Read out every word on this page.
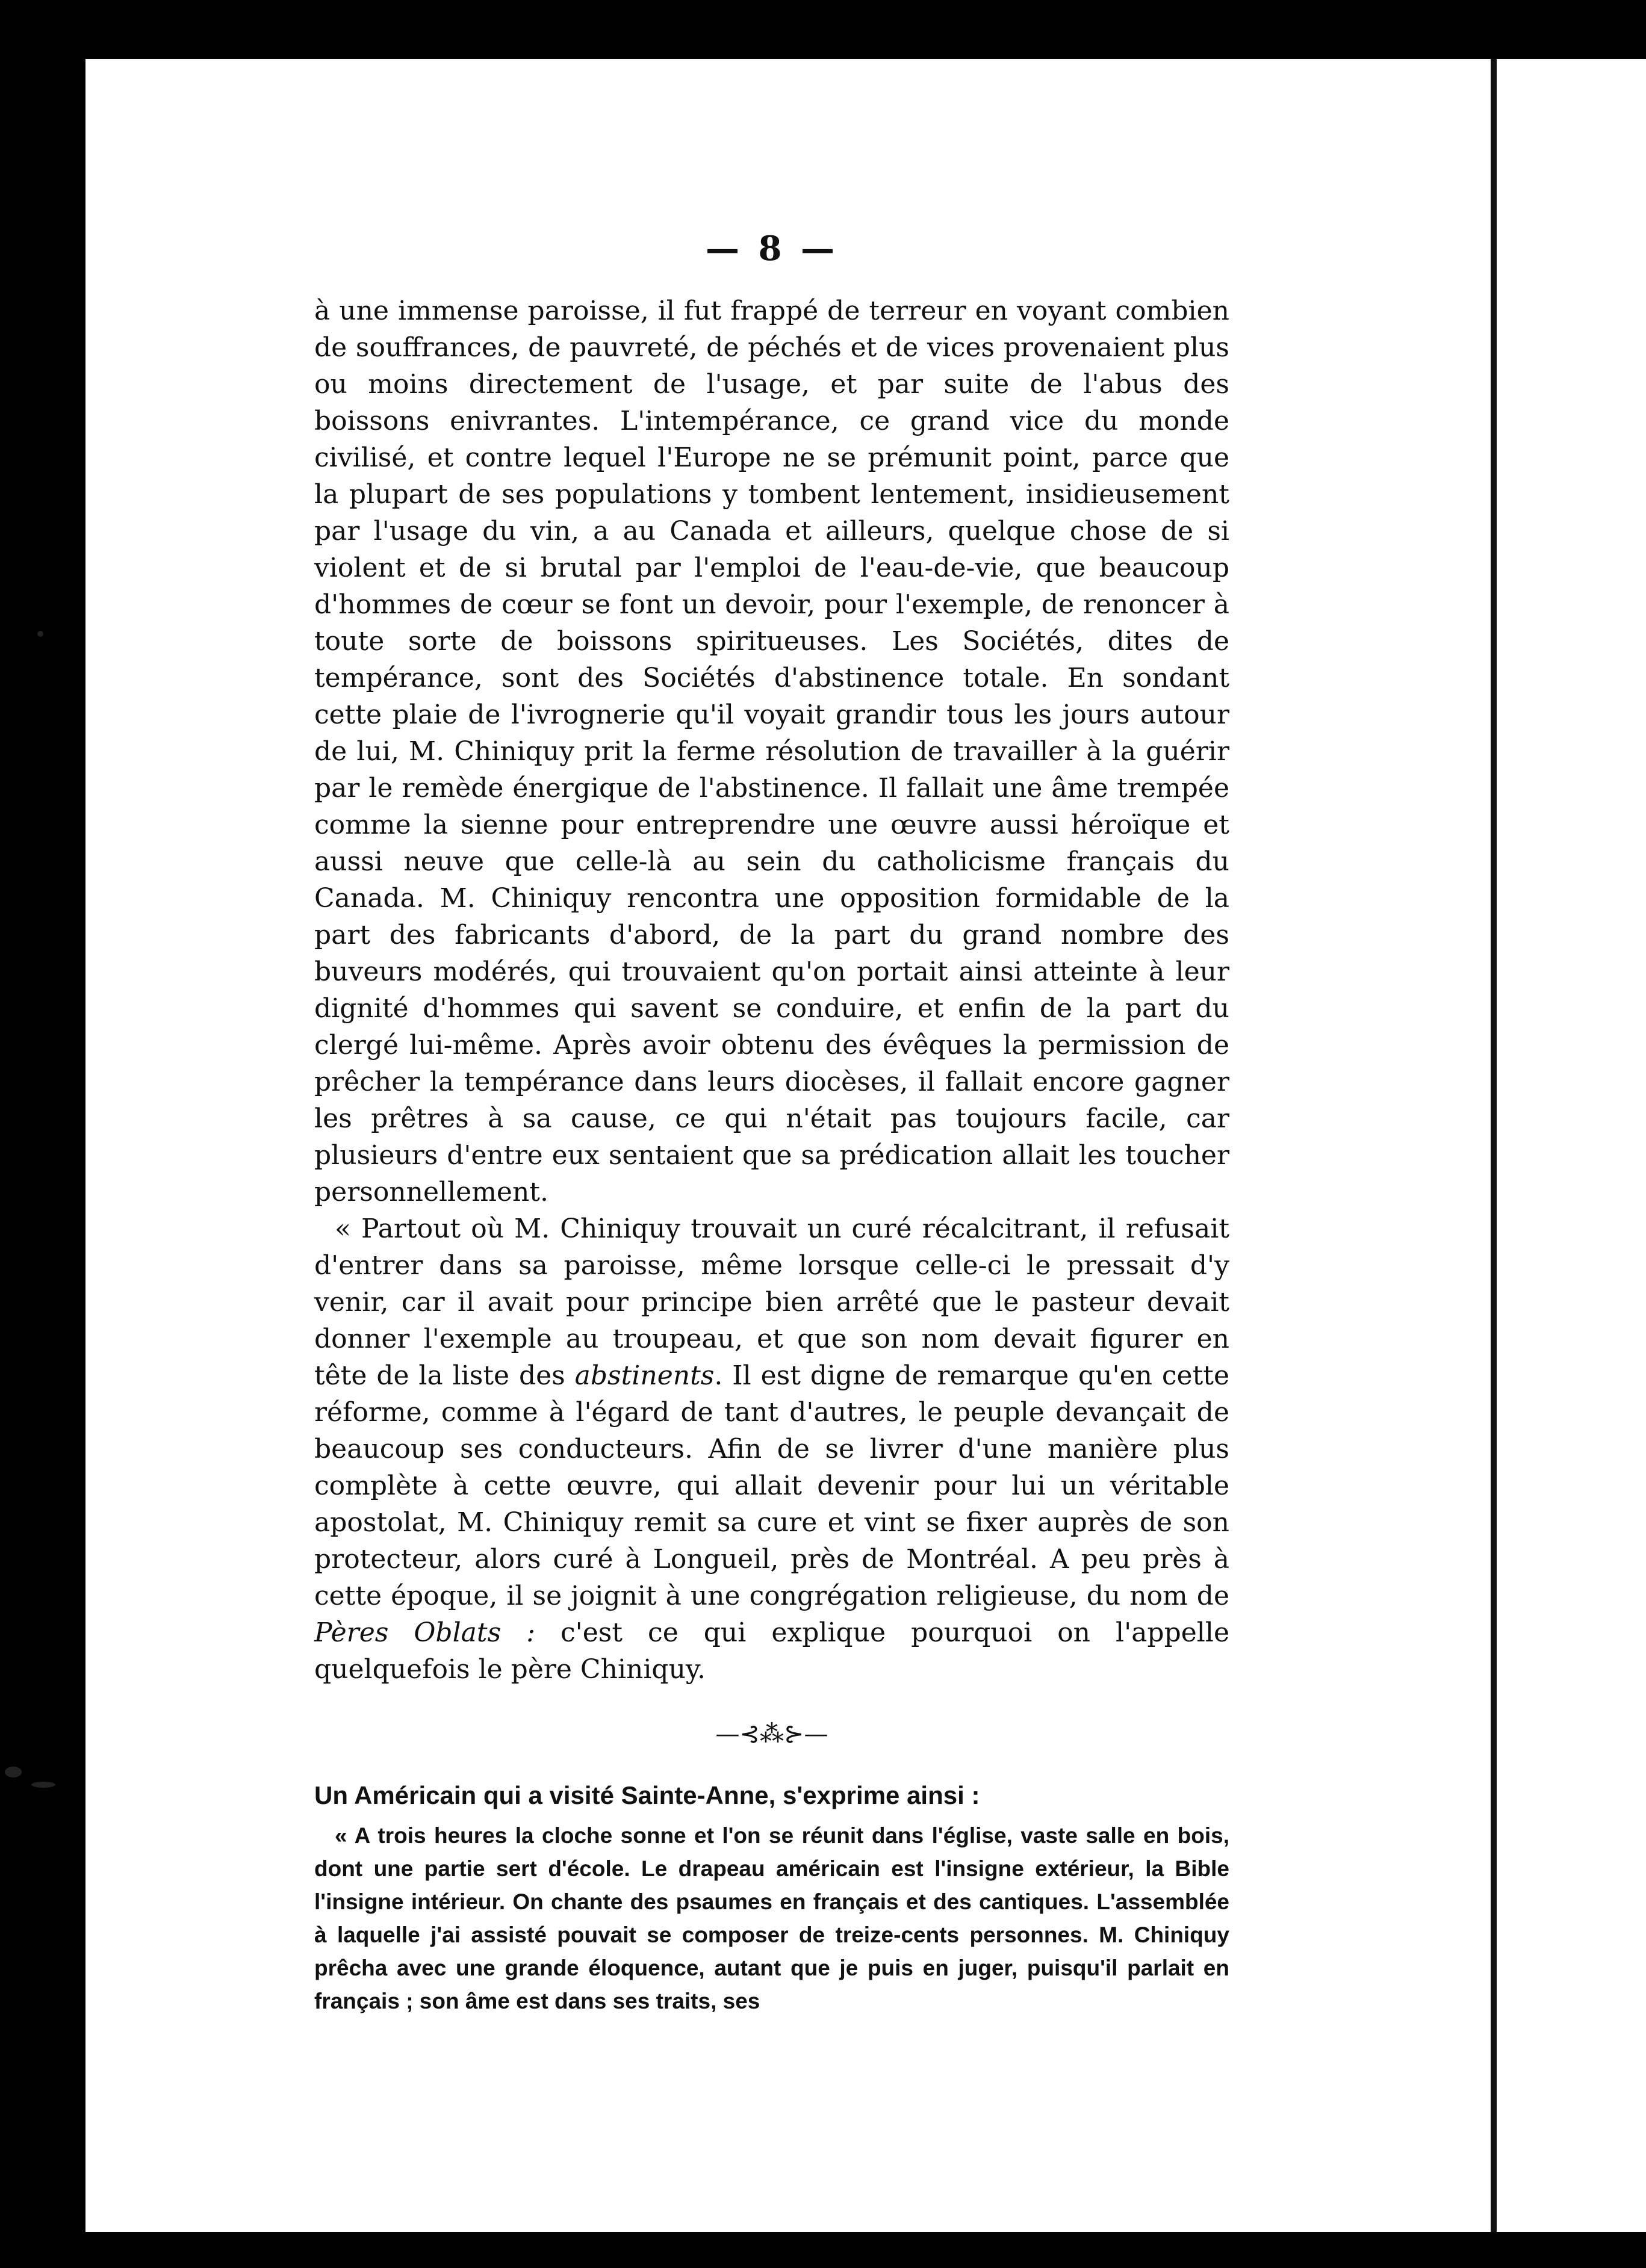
— 8 —

à une immense paroisse, il fut frappé de terreur en voyant combien de souffrances, de pauvreté, de péchés et de vices provenaient plus ou moins directement de l'usage, et par suite de l'abus des boissons enivrantes. L'intempérance, ce grand vice du monde civilisé, et contre lequel l'Europe ne se prémunit point, parce que la plupart de ses populations y tombent lentement, insidieusement par l'usage du vin, a au Canada et ailleurs, quelque chose de si violent et de si brutal par l'emploi de l'eau-de-vie, que beaucoup d'hommes de cœur se font un devoir, pour l'exemple, de renoncer à toute sorte de boissons spiritueuses. Les Sociétés, dites de tempérance, sont des Sociétés d'abstinence totale. En sondant cette plaie de l'ivrognerie qu'il voyait grandir tous les jours autour de lui, M. Chiniquy prit la ferme résolution de travailler à la guérir par le remède énergique de l'abstinence. Il fallait une âme trempée comme la sienne pour entreprendre une œuvre aussi héroïque et aussi neuve que celle-là au sein du catholicisme français du Canada. M. Chiniquy rencontra une opposition formidable de la part des fabricants d'abord, de la part du grand nombre des buveurs modérés, qui trouvaient qu'on portait ainsi atteinte à leur dignité d'hommes qui savent se conduire, et enfin de la part du clergé lui-même. Après avoir obtenu des évêques la permission de prêcher la tempérance dans leurs diocèses, il fallait encore gagner les prêtres à sa cause, ce qui n'était pas toujours facile, car plusieurs d'entre eux sentaient que sa prédication allait les toucher personnellement.

« Partout où M. Chiniquy trouvait un curé récalcitrant, il refusait d'entrer dans sa paroisse, même lorsque celle-ci le pressait d'y venir, car il avait pour principe bien arrêté que le pasteur devait donner l'exemple au troupeau, et que son nom devait figurer en tête de la liste des abstinents. Il est digne de remarque qu'en cette réforme, comme à l'égard de tant d'autres, le peuple devançait de beaucoup ses conducteurs. Afin de se livrer d'une manière plus complète à cette œuvre, qui allait devenir pour lui un véritable apostolat, M. Chiniquy remit sa cure et vint se fixer auprès de son protecteur, alors curé à Longueil, près de Montréal. A peu près à cette époque, il se joignit à une congrégation religieuse, du nom de Pères Oblats : c'est ce qui explique pourquoi on l'appelle quelquefois le père Chiniquy.

—⊰⁂⊱—

Un Américain qui a visité Sainte-Anne, s'exprime ainsi :

« A trois heures la cloche sonne et l'on se réunit dans l'église, vaste salle en bois, dont une partie sert d'école. Le drapeau américain est l'insigne extérieur, la Bible l'insigne intérieur. On chante des psaumes en français et des cantiques. L'assemblée à laquelle j'ai assisté pouvait se composer de treize-cents personnes. M. Chiniquy prêcha avec une grande éloquence, autant que je puis en juger, puisqu'il parlait en français ; son âme est dans ses traits, ses
